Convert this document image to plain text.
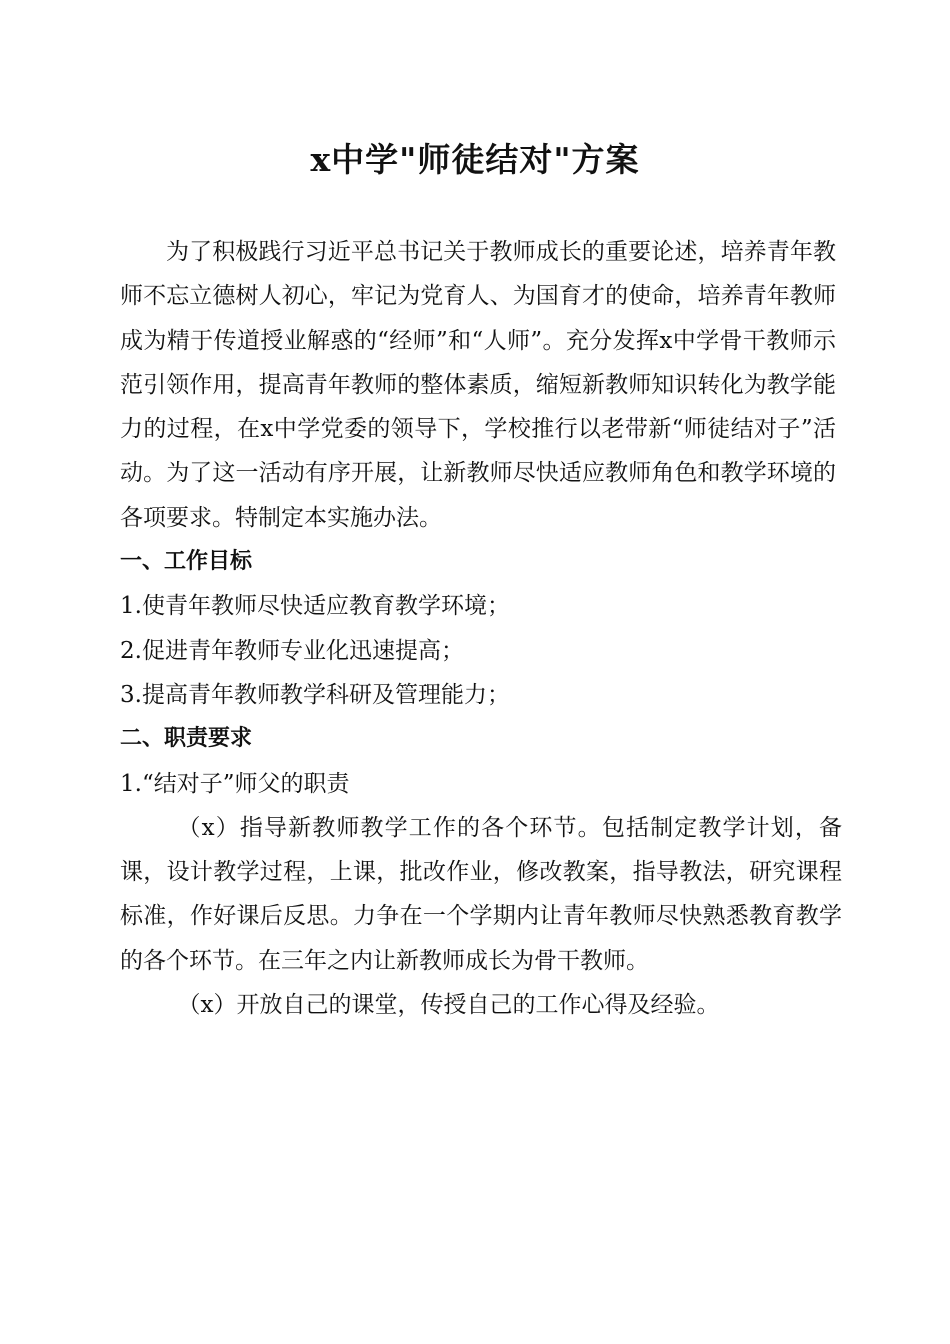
x中学"师徒结对"方案

为了积极践行习近平总书记关于教师成长的重要论述，培养青年教师不忘立德树人初心，牢记为党育人、为国育才的使命，培养青年教师成为精于传道授业解惑的“经师”和“人师”。充分发挥x中学骨干教师示范引领作用，提高青年教师的整体素质，缩短新教师知识转化为教学能力的过程，在x中学党委的领导下，学校推行以老带新“师徒结对子”活动。为了这一活动有序开展，让新教师尽快适应教师角色和教学环境的各项要求。特制定本实施办法。

一、工作目标

1.使青年教师尽快适应教育教学环境；

2.促进青年教师专业化迅速提高；

3.提高青年教师教学科研及管理能力；

二、职责要求

1.“结对子”师父的职责

（x）指导新教师教学工作的各个环节。包括制定教学计划，备课，设计教学过程，上课，批改作业，修改教案，指导教法，研究课程标准，作好课后反思。力争在一个学期内让青年教师尽快熟悉教育教学的各个环节。在三年之内让新教师成长为骨干教师。

（x）开放自己的课堂，传授自己的工作心得及经验。
